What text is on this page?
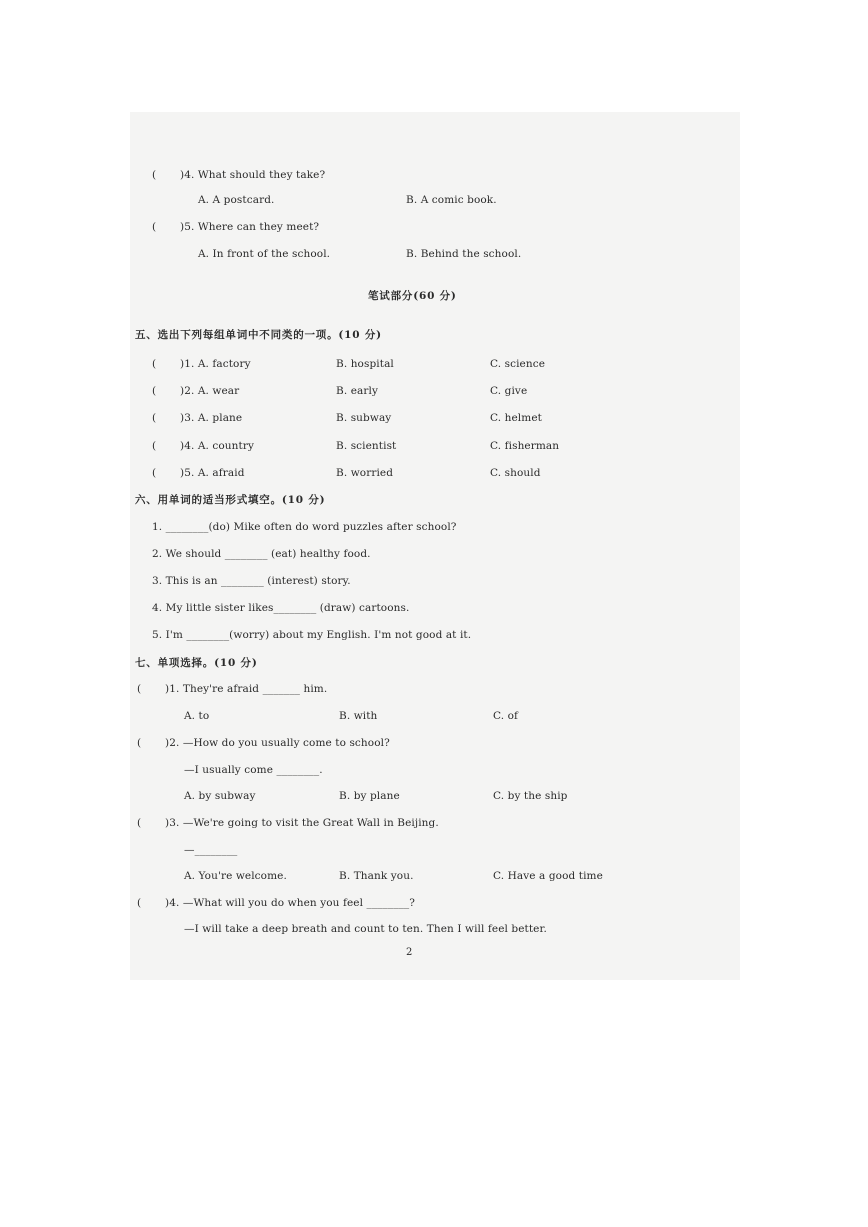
( )4. What should they take?
A. A postcard.	B. A comic book.
( )5. Where can they meet?
A. In front of the school.	B. Behind the school.
笔试部分(60 分)
五、选出下列每组单词中不同类的一项。(10 分)
( )1. A. factory	B. hospital	C. science
( )2. A. wear	B. early	C. give
( )3. A. plane	B. subway	C. helmet
( )4. A. country	B. scientist	C. fisherman
( )5. A. afraid	B. worried	C. should
六、用单词的适当形式填空。(10 分)
1. ________(do) Mike often do word puzzles after school?
2. We should ________ (eat) healthy food.
3. This is an ________ (interest) story.
4. My little sister likes________ (draw) cartoons.
5. I'm ________(worry) about my English. I'm not good at it.
七、单项选择。(10 分)
( )1. They're afraid _______ him.
A. to	B. with	C. of
( )2. —How do you usually come to school?
—I usually come ________.
A. by subway	B. by plane	C. by the ship
( )3. —We're going to visit the Great Wall in Beijing.
—________
A. You're welcome.	B. Thank you.	C. Have a good time
( )4. —What will you do when you feel ________?
—I will take a deep breath and count to ten. Then I will feel better.
2
